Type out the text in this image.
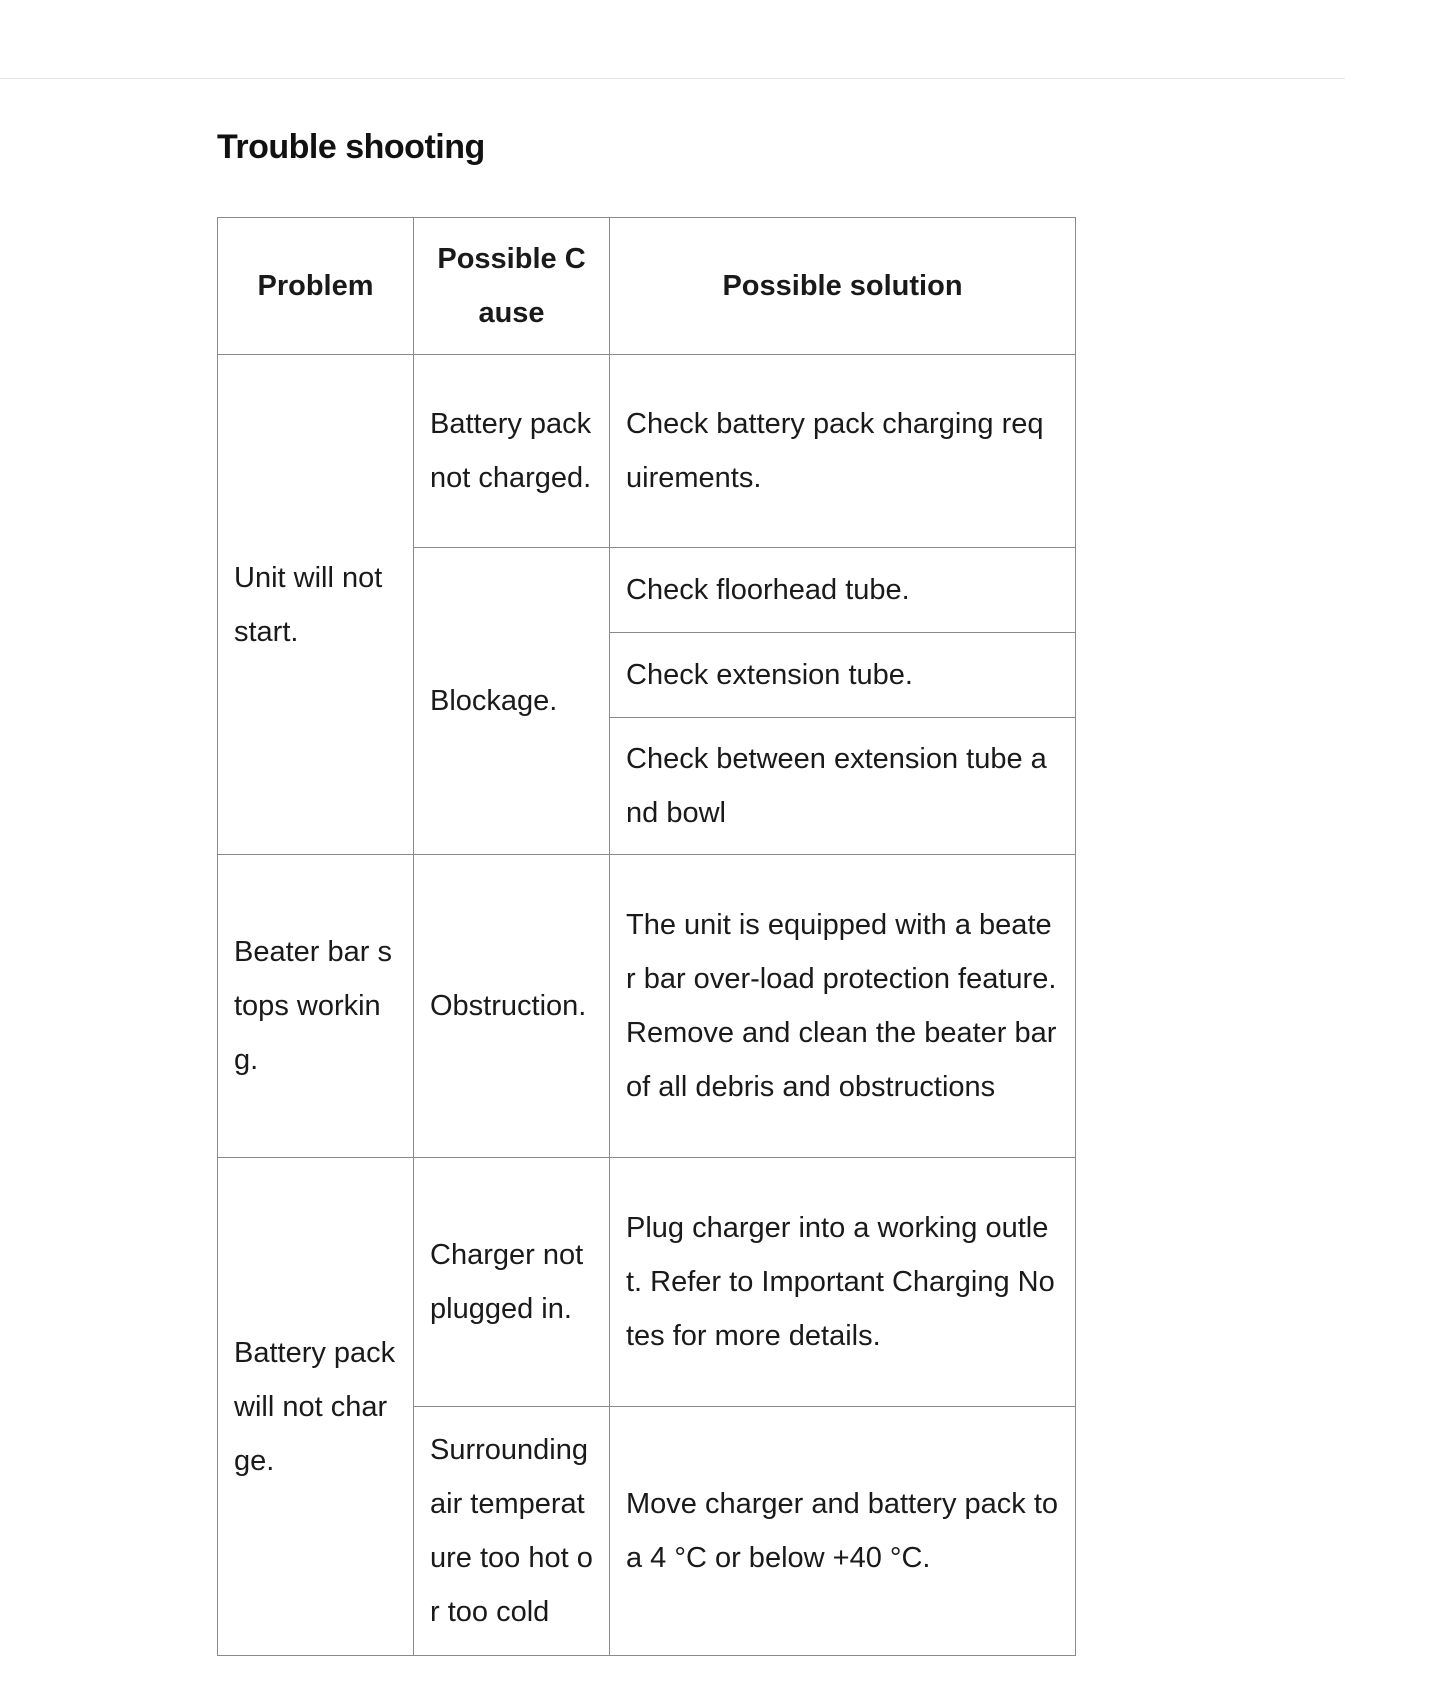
Trouble shooting
Problem	Possible Cause	Possible solution
Unit will not start.	Battery pack not charged.	Check battery pack charging requirements.
	Blockage.	Check floorhead tube.
		Check extension tube.
		Check between extension tube and bowl
Beater bar stops working.	Obstruction.	The unit is equipped with a beater bar over-load protection feature. Remove and clean the beater bar of all debris and obstructions
Battery pack will not charge.	Charger not plugged in.	Plug charger into a working outlet. Refer to Important Charging Notes for more details.
	Surrounding air temperature too hot or too cold	Move charger and battery pack to a 4 °C or below +40 °C.
